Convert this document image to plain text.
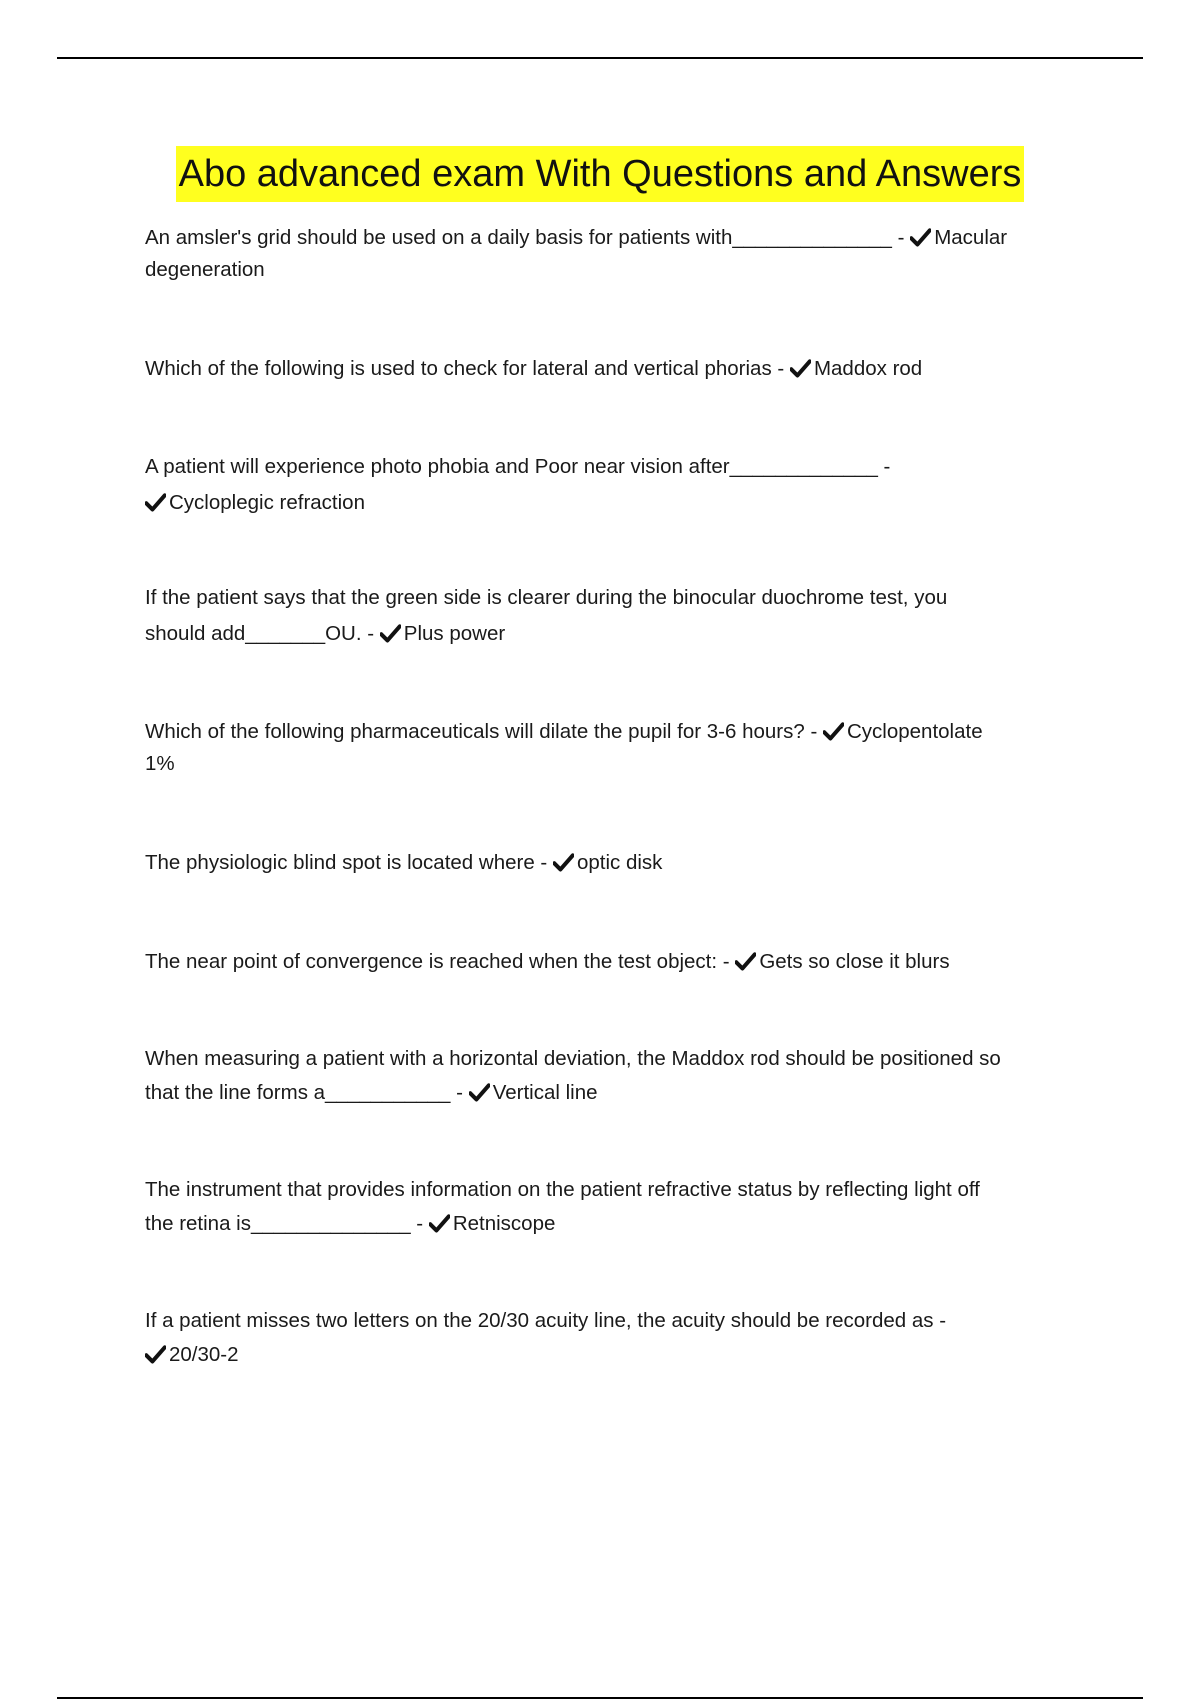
Abo advanced exam With Questions and Answers
An amsler's grid should be used on a daily basis for patients with______________ - Macular
degeneration
Which of the following is used to check for lateral and vertical phorias - Maddox rod
A patient will experience photo phobia and Poor near vision after_____________ -
Cycloplegic refraction
If the patient says that the green side is clearer during the binocular duochrome test, you
should add_______OU. - Plus power
Which of the following pharmaceuticals will dilate the pupil for 3-6 hours? - Cyclopentolate
1%
The physiologic blind spot is located where - optic disk
The near point of convergence is reached when the test object: - Gets so close it blurs
When measuring a patient with a horizontal deviation, the Maddox rod should be positioned so
that the line forms a___________ - Vertical line
The instrument that provides information on the patient refractive status by reflecting light off
the retina is______________ - Retniscope
If a patient misses two letters on the 20/30 acuity line, the acuity should be recorded as -
20/30-2
